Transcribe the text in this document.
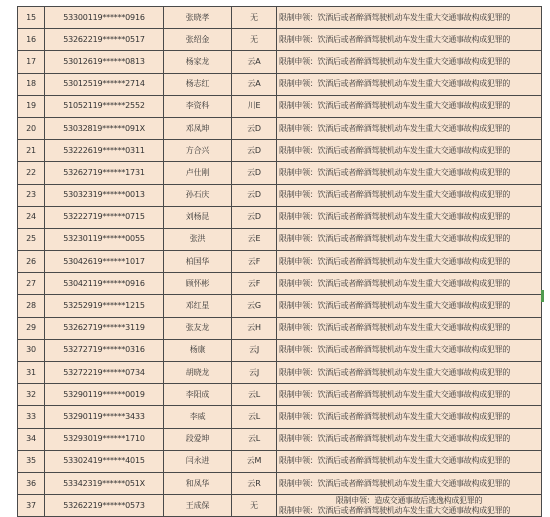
15	53300119******0916	张晓孝	无	限制申领：饮酒后或者醉酒驾驶机动车发生重大交通事故构成犯罪的
16	53262219******0517	张绍金	无	限制申领：饮酒后或者醉酒驾驶机动车发生重大交通事故构成犯罪的
17	53012619******0813	杨家龙	云A	限制申领：饮酒后或者醉酒驾驶机动车发生重大交通事故构成犯罪的
18	53012519******2714	杨志红	云A	限制申领：饮酒后或者醉酒驾驶机动车发生重大交通事故构成犯罪的
19	51052119******2552	李资科	川E	限制申领：饮酒后或者醉酒驾驶机动车发生重大交通事故构成犯罪的
20	53032819******091X	邓凤坤	云D	限制申领：饮酒后或者醉酒驾驶机动车发生重大交通事故构成犯罪的
21	53222619******0311	方合兴	云D	限制申领：饮酒后或者醉酒驾驶机动车发生重大交通事故构成犯罪的
22	53262719******1731	卢仕刚	云D	限制申领：饮酒后或者醉酒驾驶机动车发生重大交通事故构成犯罪的
23	53032319******0013	孙石庆	云D	限制申领：饮酒后或者醉酒驾驶机动车发生重大交通事故构成犯罪的
24	53222719******0715	刘杨昆	云D	限制申领：饮酒后或者醉酒驾驶机动车发生重大交通事故构成犯罪的
25	53230119******0055	张洪	云E	限制申领：饮酒后或者醉酒驾驶机动车发生重大交通事故构成犯罪的
26	53042619******1017	柏国华	云F	限制申领：饮酒后或者醉酒驾驶机动车发生重大交通事故构成犯罪的
27	53042119******0916	顾怀彬	云F	限制申领：饮酒后或者醉酒驾驶机动车发生重大交通事故构成犯罪的
28	53252919******1215	邓红星	云G	限制申领：饮酒后或者醉酒驾驶机动车发生重大交通事故构成犯罪的
29	53262719******3119	张友龙	云H	限制申领：饮酒后或者醉酒驾驶机动车发生重大交通事故构成犯罪的
30	53272719******0316	杨康	云J	限制申领：饮酒后或者醉酒驾驶机动车发生重大交通事故构成犯罪的
31	53272219******0734	胡晓龙	云J	限制申领：饮酒后或者醉酒驾驶机动车发生重大交通事故构成犯罪的
32	53290119******0019	李阳成	云L	限制申领：饮酒后或者醉酒驾驶机动车发生重大交通事故构成犯罪的
33	53290119******3433	李威	云L	限制申领：饮酒后或者醉酒驾驶机动车发生重大交通事故构成犯罪的
34	53293019******1710	段爱坤	云L	限制申领：饮酒后或者醉酒驾驶机动车发生重大交通事故构成犯罪的
35	53302419******4015	闫永进	云M	限制申领：饮酒后或者醉酒驾驶机动车发生重大交通事故构成犯罪的
36	53342319******051X	和凤华	云R	限制申领：饮酒后或者醉酒驾驶机动车发生重大交通事故构成犯罪的
37	53262219******0573	王成保	无	限制申领：造成交通事故后逃逸构成犯罪的
限制申领：饮酒后或者醉酒驾驶机动车发生重大交通事故构成犯罪的
